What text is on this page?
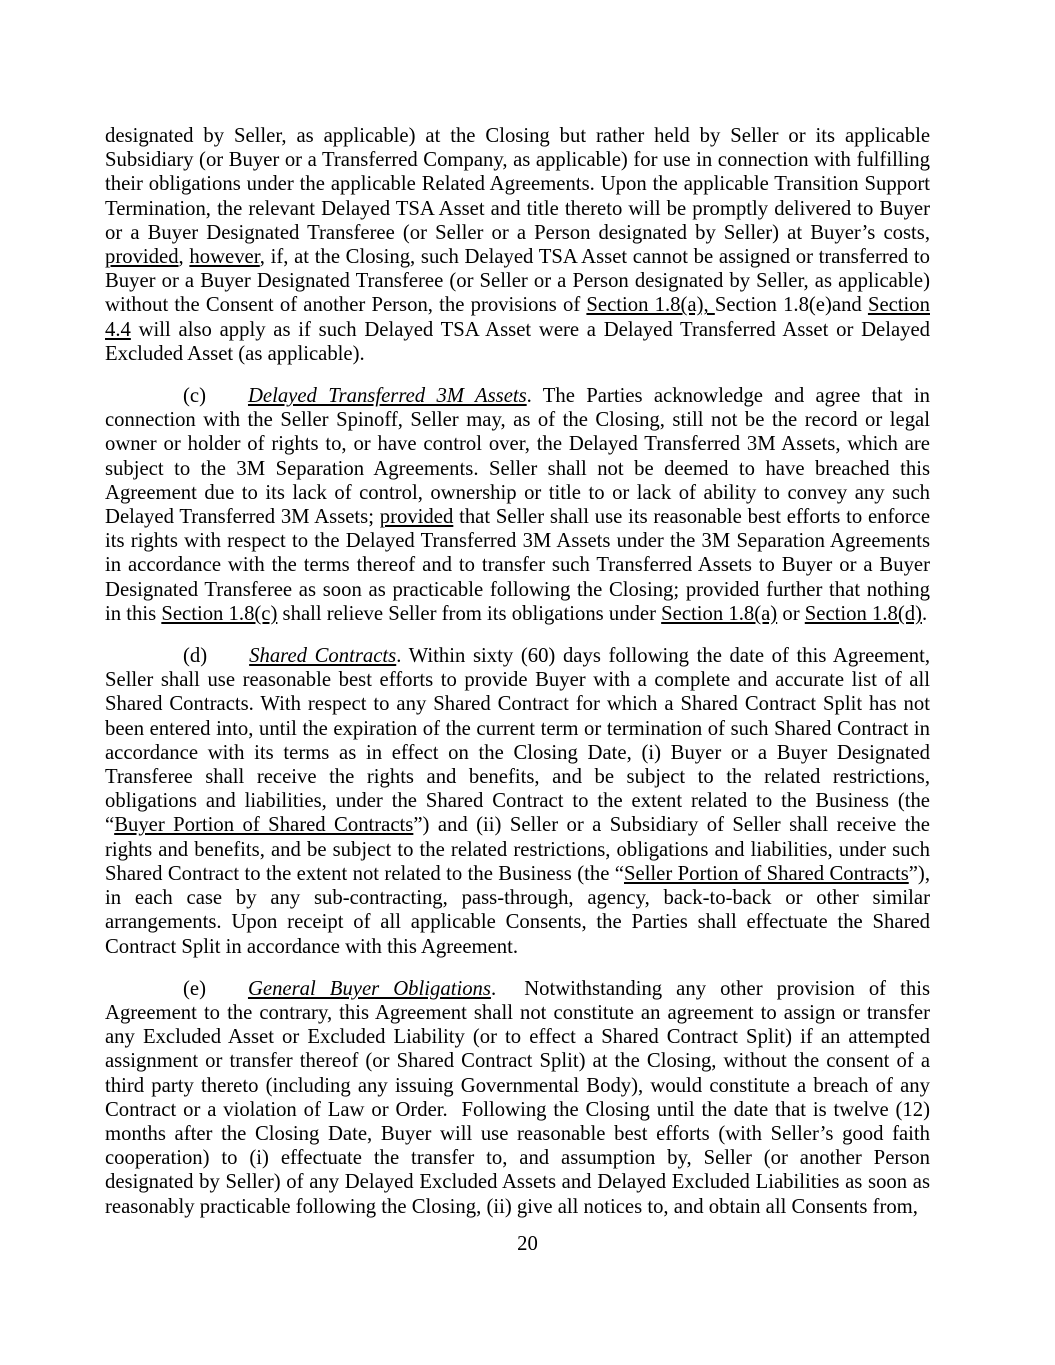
designated by Seller, as applicable) at the Closing but rather held by Seller or its applicable Subsidiary (or Buyer or a Transferred Company, as applicable) for use in connection with fulfilling their obligations under the applicable Related Agreements. Upon the applicable Transition Support Termination, the relevant Delayed TSA Asset and title thereto will be promptly delivered to Buyer or a Buyer Designated Transferee (or Seller or a Person designated by Seller) at Buyer’s costs, provided, however, if, at the Closing, such Delayed TSA Asset cannot be assigned or transferred to Buyer or a Buyer Designated Transferee (or Seller or a Person designated by Seller, as applicable) without the Consent of another Person, the provisions of Section 1.8(a), Section 1.8(e)and Section 4.4 will also apply as if such Delayed TSA Asset were a Delayed Transferred Asset or Delayed Excluded Asset (as applicable).

(c) Delayed Transferred 3M Assets. The Parties acknowledge and agree that in connection with the Seller Spinoff, Seller may, as of the Closing, still not be the record or legal owner or holder of rights to, or have control over, the Delayed Transferred 3M Assets, which are subject to the 3M Separation Agreements. Seller shall not be deemed to have breached this Agreement due to its lack of control, ownership or title to or lack of ability to convey any such Delayed Transferred 3M Assets; provided that Seller shall use its reasonable best efforts to enforce its rights with respect to the Delayed Transferred 3M Assets under the 3M Separation Agreements in accordance with the terms thereof and to transfer such Transferred Assets to Buyer or a Buyer Designated Transferee as soon as practicable following the Closing; provided further that nothing in this Section 1.8(c) shall relieve Seller from its obligations under Section 1.8(a) or Section 1.8(d).

(d) Shared Contracts. Within sixty (60) days following the date of this Agreement, Seller shall use reasonable best efforts to provide Buyer with a complete and accurate list of all Shared Contracts. With respect to any Shared Contract for which a Shared Contract Split has not been entered into, until the expiration of the current term or termination of such Shared Contract in accordance with its terms as in effect on the Closing Date, (i) Buyer or a Buyer Designated Transferee shall receive the rights and benefits, and be subject to the related restrictions, obligations and liabilities, under the Shared Contract to the extent related to the Business (the “Buyer Portion of Shared Contracts”) and (ii) Seller or a Subsidiary of Seller shall receive the rights and benefits, and be subject to the related restrictions, obligations and liabilities, under such Shared Contract to the extent not related to the Business (the “Seller Portion of Shared Contracts”), in each case by any sub-contracting, pass-through, agency, back-to-back or other similar arrangements. Upon receipt of all applicable Consents, the Parties shall effectuate the Shared Contract Split in accordance with this Agreement.

(e) General Buyer Obligations.  Notwithstanding any other provision of this Agreement to the contrary, this Agreement shall not constitute an agreement to assign or transfer any Excluded Asset or Excluded Liability (or to effect a Shared Contract Split) if an attempted assignment or transfer thereof (or Shared Contract Split) at the Closing, without the consent of a third party thereto (including any issuing Governmental Body), would constitute a breach of any Contract or a violation of Law or Order.  Following the Closing until the date that is twelve (12) months after the Closing Date, Buyer will use reasonable best efforts (with Seller’s good faith cooperation) to (i) effectuate the transfer to, and assumption by, Seller (or another Person designated by Seller) of any Delayed Excluded Assets and Delayed Excluded Liabilities as soon as reasonably practicable following the Closing, (ii) give all notices to, and obtain all Consents from,

20
